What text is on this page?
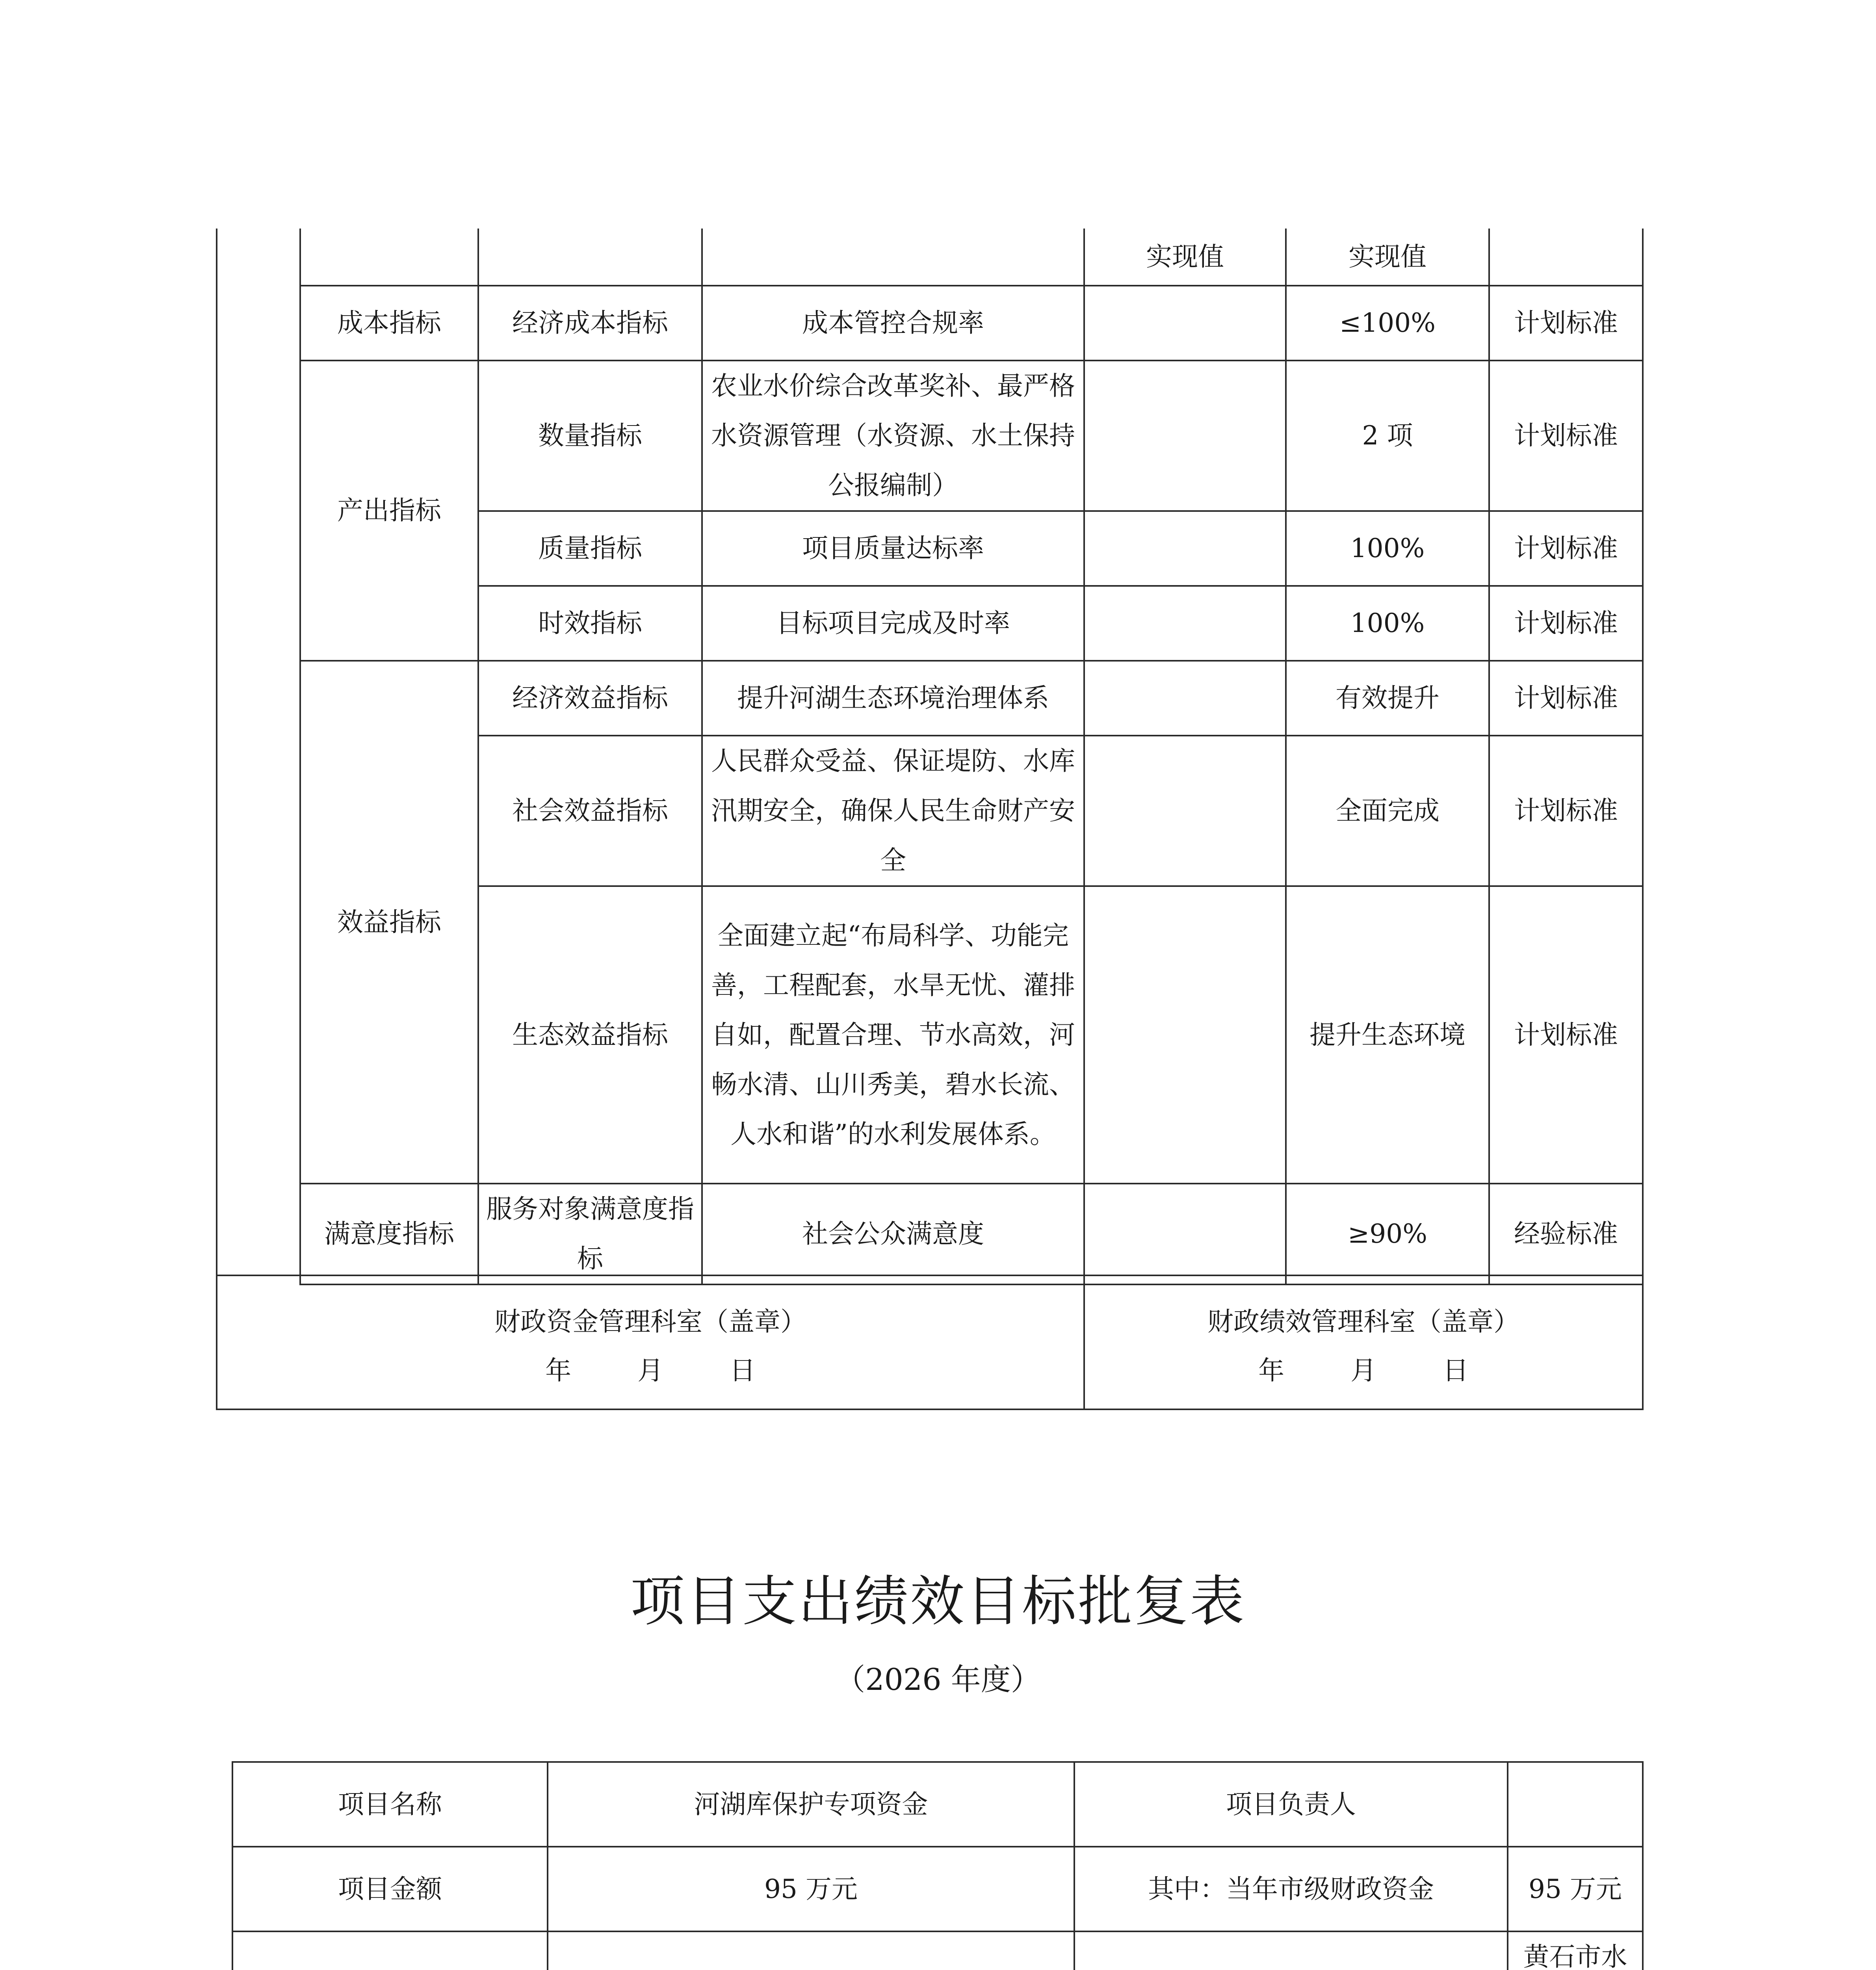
				实现值	实现值	
	成本指标	经济成本指标	成本管控合规率		≤100%	计划标准
	产出指标	数量指标	农业水价综合改革奖补、最严格水资源管理（水资源、水土保持公报编制）		2 项	计划标准
		质量指标	项目质量达标率		100%	计划标准
		时效指标	目标项目完成及时率		100%	计划标准
	效益指标	经济效益指标	提升河湖生态环境治理体系		有效提升	计划标准
		社会效益指标	人民群众受益、保证堤防、水库汛期安全，确保人民生命财产安全		全面完成	计划标准
		生态效益指标	全面建立起“布局科学、功能完善，工程配套，水旱无忧、灌排自如，配置合理、节水高效，河畅水清、山川秀美，碧水长流、人水和谐”的水利发展体系。		提升生态环境	计划标准
	满意度指标	服务对象满意度指标	社会公众满意度		≥90%	经验标准
财政资金管理科室（盖章）
年        月        日

财政绩效管理科室（盖章）
年        月        日
项目支出绩效目标批复表
（2026 年度）
项目名称		河湖库保护专项资金		项目负责人	
项目金额		95 万元		其中：当年市级财政资金	95 万元
			黄石市水
